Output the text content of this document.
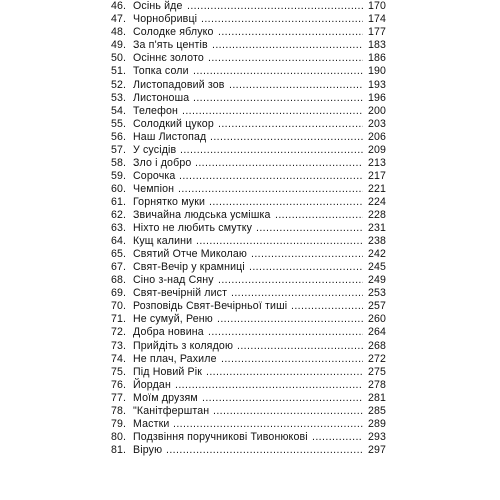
46. Осінь йде .....	170
47. Чорнобривці .....	174
48. Солодке яблуко .....	177
49. За п'ять центів .....	183
50. Осіннє золото .....	186
51. Топка соли .....	190
52. Листопадовий зов .....	193
53. Листоноша .....	196
54. Телефон .....	200
55. Солодкий цукор .....	203
56. Наш Листопад .....	206
57. У сусідів .....	209
58. Зло і добро .....	213
59. Сорочка .....	217
60. Чемпіон .....	221
61. Горнятко муки .....	224
62. Звичайна людська усмішка .....	228
63. Ніхто не любить смутку .....	231
64. Кущ калини .....	238
65. Святий Отче Миколаю .....	242
67. Свят-Вечір у крамниці .....	245
68. Сіно з-над Сяну .....	249
69. Свят-вечірній лист .....	253
70. Розповідь Свят-Вечірньої тиші .....	257
71. Не сумуй, Реню .....	260
72. Добра новина .....	264
73. Прийдіть з колядою .....	268
74. Не плач, Рахиле .....	272
75. Під Новий Рік .....	275
76. Йордан .....	278
77. Моїм друзям .....	281
78. "Канітферштан .....	285
79. Мастки .....	289
80. Подзвіння поручникові Тивонюкові .....	293
81. Вірую .....	297
